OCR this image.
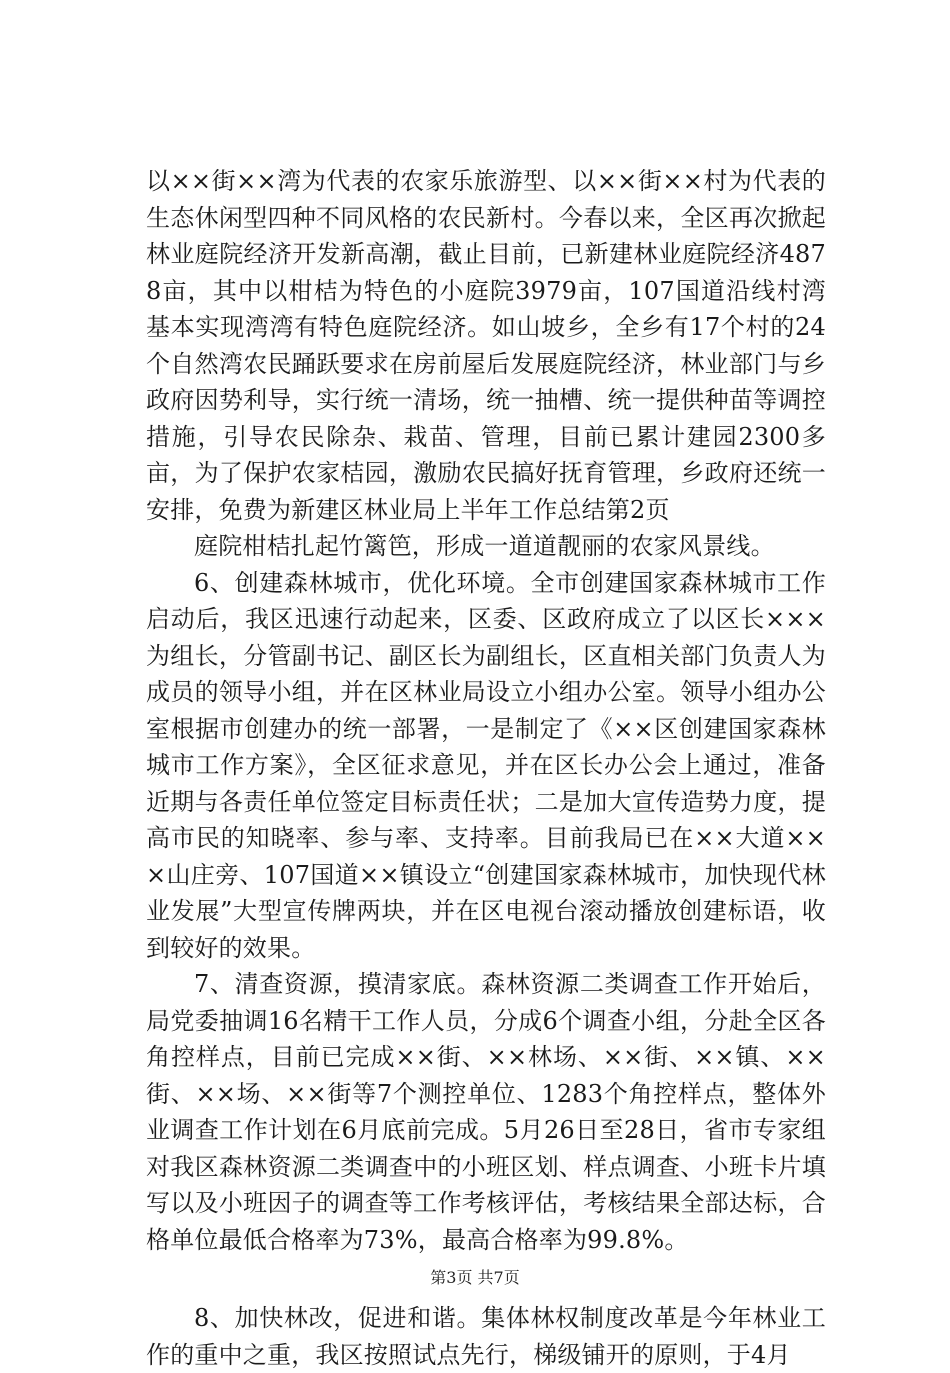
以××街××湾为代表的农家乐旅游型、以××街××村为代表的生态休闲型四种不同风格的农民新村。今春以来，全区再次掀起林业庭院经济开发新高潮，截止目前，已新建林业庭院经济4878亩，其中以柑桔为特色的小庭院3979亩，107国道沿线村湾基本实现湾湾有特色庭院经济。如山坡乡，全乡有17个村的24个自然湾农民踊跃要求在房前屋后发展庭院经济，林业部门与乡政府因势利导，实行统一清场，统一抽槽、统一提供种苗等调控措施，引导农民除杂、栽苗、管理，目前已累计建园2300多亩，为了保护农家桔园，激励农民搞好抚育管理，乡政府还统一安排，免费为新建区林业局上半年工作总结第2页

庭院柑桔扎起竹篱笆，形成一道道靓丽的农家风景线。

6、创建森林城市，优化环境。全市创建国家森林城市工作启动后，我区迅速行动起来，区委、区政府成立了以区长×××为组长，分管副书记、副区长为副组长，区直相关部门负责人为成员的领导小组，并在区林业局设立小组办公室。领导小组办公室根据市创建办的统一部署，一是制定了《××区创建国家森林城市工作方案》，全区征求意见，并在区长办公会上通过，准备近期与各责任单位签定目标责任状；二是加大宣传造势力度，提高市民的知晓率、参与率、支持率。目前我局已在××大道×××山庄旁、107国道××镇设立“创建国家森林城市，加快现代林业发展”大型宣传牌两块，并在区电视台滚动播放创建标语，收到较好的效果。

7、清查资源，摸清家底。森林资源二类调查工作开始后，局党委抽调16名精干工作人员，分成6个调查小组，分赴全区各角控样点，目前已完成××街、××林场、××街、××镇、××街、××场、××街等7个测控单位、1283个角控样点，整体外业调查工作计划在6月底前完成。5月26日至28日，省市专家组对我区森林资源二类调查中的小班区划、样点调查、小班卡片填写以及小班因子的调查等工作考核评估，考核结果全部达标，合格单位最低合格率为73%，最高合格率为99.8%。

8、加快林改，促进和谐。集体林权制度改革是今年林业工作的重中之重，我区按照试点先行，梯级铺开的原则，于4月

第3页 共7页
